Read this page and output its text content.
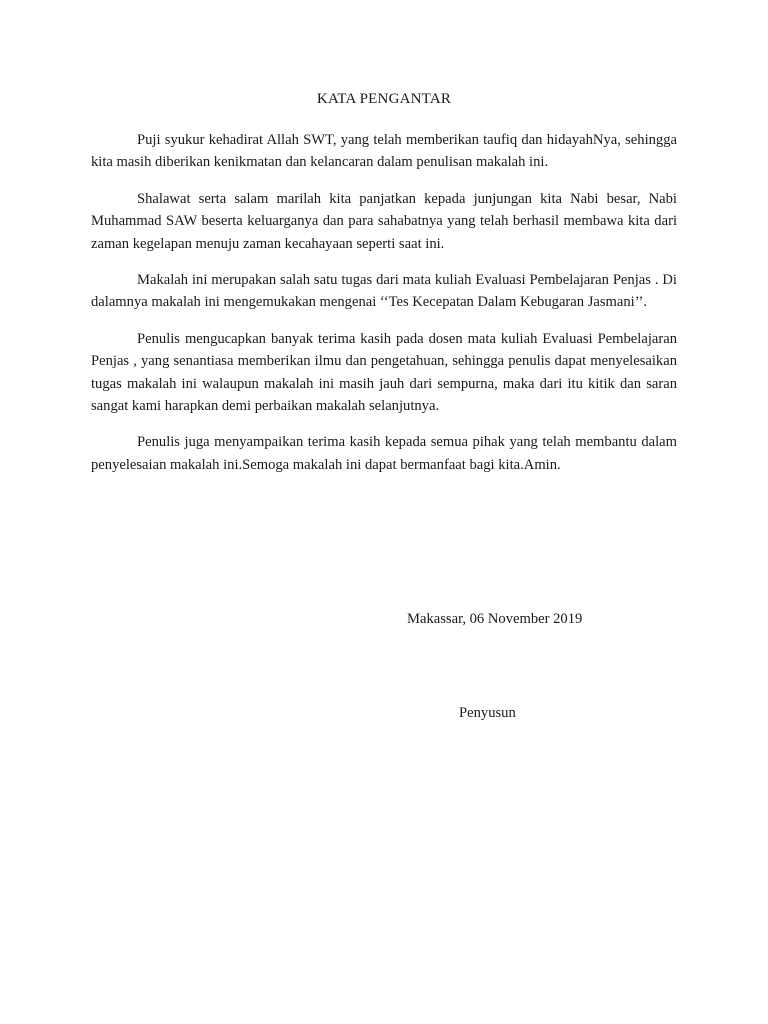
KATA PENGANTAR

Puji syukur kehadirat Allah SWT, yang telah memberikan taufiq dan hidayahNya, sehingga kita masih diberikan kenikmatan dan kelancaran dalam penulisan makalah ini.

Shalawat serta salam marilah kita panjatkan kepada junjungan kita Nabi besar, Nabi Muhammad SAW beserta keluarganya dan para sahabatnya yang telah berhasil membawa kita dari zaman kegelapan menuju zaman kecahayaan seperti saat ini.

Makalah ini merupakan salah satu tugas dari mata kuliah Evaluasi Pembelajaran Penjas . Di dalamnya makalah ini mengemukakan mengenai ‘‘Tes Kecepatan Dalam Kebugaran Jasmani’’.

Penulis mengucapkan banyak terima kasih pada dosen mata kuliah Evaluasi Pembelajaran Penjas , yang senantiasa memberikan ilmu dan pengetahuan, sehingga penulis dapat menyelesaikan tugas makalah ini walaupun makalah ini masih jauh dari sempurna, maka dari itu kitik dan saran sangat kami harapkan demi perbaikan makalah selanjutnya.

Penulis juga menyampaikan terima kasih kepada semua pihak yang telah membantu dalam penyelesaian makalah ini.Semoga makalah ini dapat bermanfaat bagi kita.Amin.

Makassar, 06 November 2019
Penyusun
